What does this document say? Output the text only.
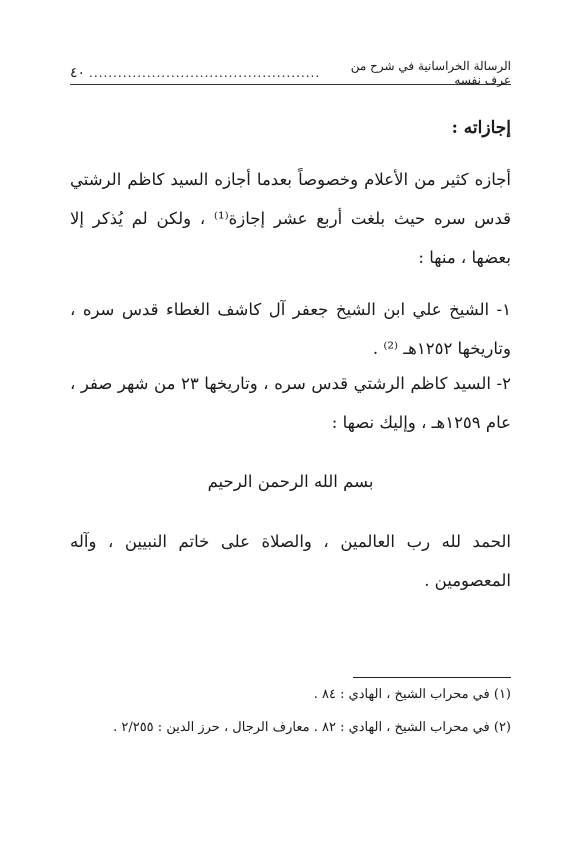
الرسالة الخراسانية في شرح من عرف نفسه
................................................
٤٠
إجازاته :
أجازه كثير من الأعلام وخصوصاً بعدما أجازه السيد كاظم الرشتي قدس سره حيث بلغت أربع عشر إجازة⁽¹⁾ ، ولكن لم يُذكر إلا بعضها ، منها :
١- الشيخ علي ابن الشيخ جعفر آل كاشف الغطاء قدس سره ، وتاريخها ١٢٥٢هـ ⁽²⁾ .
٢- السيد كاظم الرشتي قدس سره ، وتاريخها ٢٣ من شهر صفر ، عام ١٢٥٩هـ ، وإليك نصها :
بسم الله الرحمن الرحيم
الحمد لله رب العالمين ، والصلاة على خاتم النبيين ، وآله المعصومين .
(١) في محراب الشيخ ، الهادي : ٨٤ .
(٢) في محراب الشيخ ، الهادي : ٨٢ . معارف الرجال ، حرز الدين : ٢/٢٥٥ .
